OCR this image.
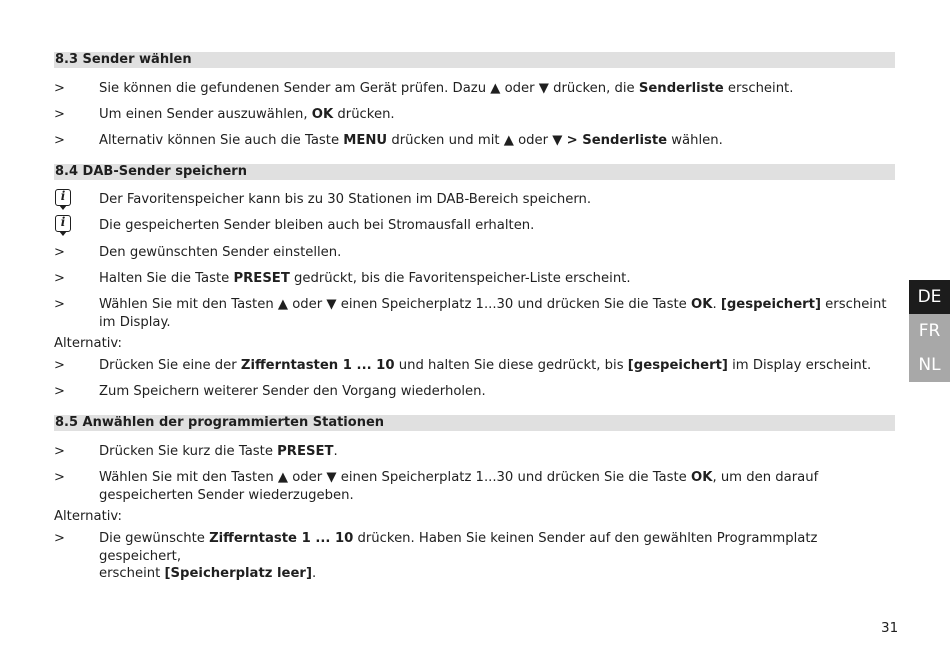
8.3 Sender wählen
>	Sie können die gefundenen Sender am Gerät prüfen. Dazu ▲ oder ▼ drücken, die Senderliste erscheint.
>	Um einen Sender auszuwählen, OK drücken.
>	Alternativ können Sie auch die Taste MENU drücken und mit ▲ oder ▼ > Senderliste wählen.
8.4 DAB-Sender speichern
i	Der Favoritenspeicher kann bis zu 30 Stationen im DAB-Bereich speichern.
i	Die gespeicherten Sender bleiben auch bei Stromausfall erhalten.
>	Den gewünschten Sender einstellen.
>	Halten Sie die Taste PRESET gedrückt, bis die Favoritenspeicher-Liste erscheint.
>	Wählen Sie mit den Tasten ▲ oder ▼ einen Speicherplatz 1...30 und drücken Sie die Taste OK. [gespeichert] erscheint
im Display.
Alternativ:
>	Drücken Sie eine der Zifferntasten 1 ... 10 und halten Sie diese gedrückt, bis [gespeichert] im Display erscheint.
>	Zum Speichern weiterer Sender den Vorgang wiederholen.
8.5 Anwählen der programmierten Stationen
>	Drücken Sie kurz die Taste PRESET.
>	Wählen Sie mit den Tasten ▲ oder ▼ einen Speicherplatz 1...30 und drücken Sie die Taste OK, um den darauf
gespeicherten Sender wiederzugeben.
Alternativ:
>	Die gewünschte Zifferntaste 1 ... 10 drücken. Haben Sie keinen Sender auf den gewählten Programmplatz gespeichert,
erscheint [Speicherplatz leer].
DE
FR
NL
31
